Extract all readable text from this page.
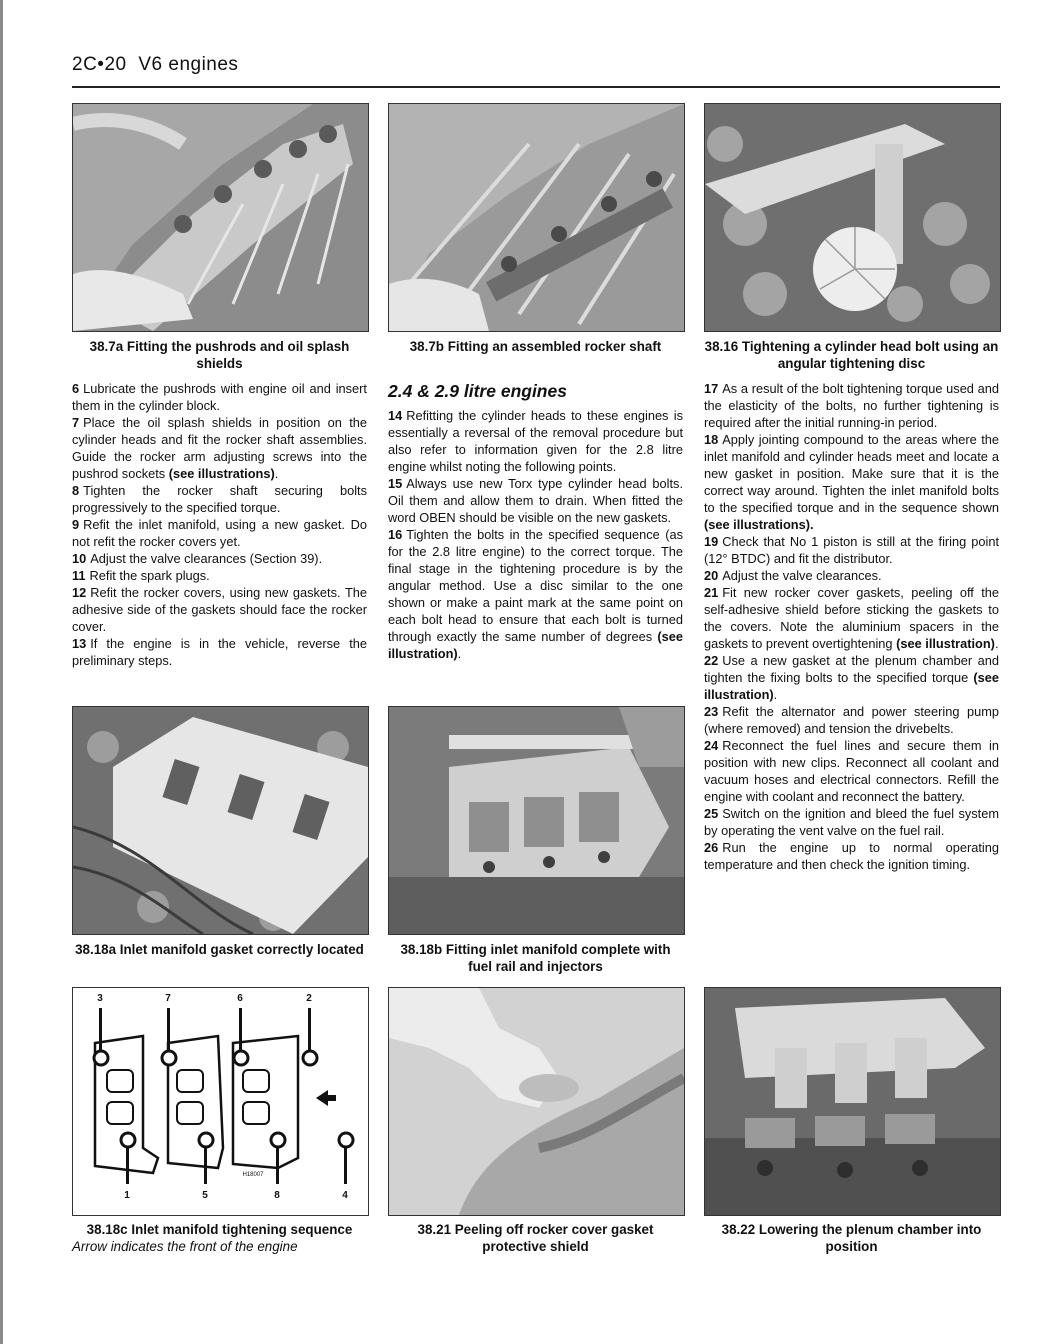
2C•20 V6 engines
38.7a Fitting the pushrods and oil splash shields
38.7b Fitting an assembled rocker shaft	38.16 Tightening a cylinder head bolt using an angular tightening disc

6 Lubricate the pushrods with engine oil and insert them in the cylinder block.

7 Place the oil splash shields in position on the cylinder heads and fit the rocker shaft assemblies. Guide the rocker arm adjusting screws into the pushrod sockets (see illustrations).

8 Tighten the rocker shaft securing bolts progressively to the specified torque.

9 Refit the inlet manifold, using a new gasket. Do not refit the rocker covers yet.

10 Adjust the valve clearances (Section 39).

11 Refit the spark plugs.

12 Refit the rocker covers, using new gaskets. The adhesive side of the gaskets should face the rocker cover.

13 If the engine is in the vehicle, reverse the preliminary steps.

2.4 & 2.9 litre engines

14 Refitting the cylinder heads to these engines is essentially a reversal of the removal procedure but also refer to information given for the 2.8 litre engine whilst noting the following points.

15 Always use new Torx type cylinder head bolts. Oil them and allow them to drain. When fitted the word OBEN should be visible on the new gaskets.

16 Tighten the bolts in the specified sequence (as for the 2.8 litre engine) to the correct torque. The final stage in the tightening procedure is by the angular method. Use a disc similar to the one shown or make a paint mark at the same point on each bolt head to ensure that each bolt is turned through exactly the same number of degrees (see illustration).

17 As a result of the bolt tightening torque used and the elasticity of the bolts, no further tightening is required after the initial running-in period.

18 Apply jointing compound to the areas where the inlet manifold and cylinder heads meet and locate a new gasket in position. Make sure that it is the correct way around. Tighten the inlet manifold bolts to the specified torque and in the sequence shown (see illustrations).

19 Check that No 1 piston is still at the firing point (12° BTDC) and fit the distributor.

20 Adjust the valve clearances.

21 Fit new rocker cover gaskets, peeling off the self-adhesive shield before sticking the gaskets to the covers. Note the aluminium spacers in the gaskets to prevent overtightening (see illustration).

22 Use a new gasket at the plenum chamber and tighten the fixing bolts to the specified torque (see illustration).

23 Refit the alternator and power steering pump (where removed) and tension the drivebelts.

24 Reconnect the fuel lines and secure them in position with new clips. Reconnect all coolant and vacuum hoses and electrical connectors. Refill the engine with coolant and reconnect the battery.

25 Switch on the ignition and bleed the fuel system by operating the vent valve on the fuel rail.

26 Run the engine up to normal operating temperature and then check the ignition timing.

38.18a Inlet manifold gasket correctly located	38.18b Fitting inlet manifold complete with fuel rail and injectors
3	7	6	2
1	5	8	4
H18007
38.18c Inlet manifold tightening sequence
Arrow indicates the front of the engine
38.21 Peeling off rocker cover gasket protective shield
38.22 Lowering the plenum chamber into position
